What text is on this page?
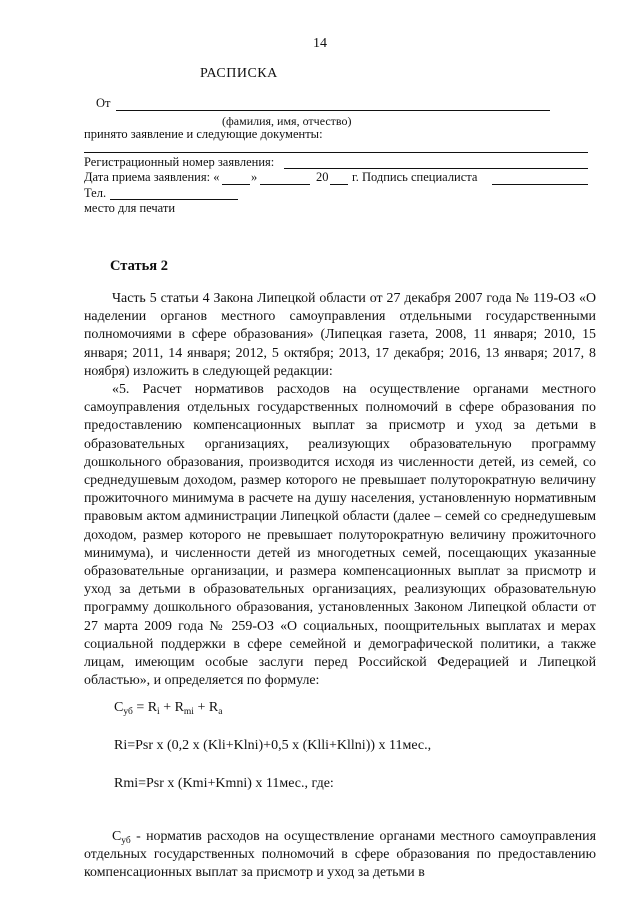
14
РАСПИСКА
От
(фамилия, имя, отчество)
принято заявление и следующие документы:
Регистрационный номер заявления:
Дата приема заявления: «	»	20 г. Подпись специалиста
Тел.
место для печати
Статья 2

Часть 5 статьи 4 Закона Липецкой области от 27 декабря 2007 года № 119-ОЗ «О наделении органов местного самоуправления отдельными государственными полномочиями в сфере образования» (Липецкая газета, 2008, 11 января; 2010, 15 января; 2011, 14 января; 2012, 5 октября; 2013, 17 декабря; 2016, 13 января; 2017, 8 ноября) изложить в следующей редакции:

«5. Расчет нормативов расходов на осуществление органами местного самоуправления отдельных государственных полномочий в сфере образования по предоставлению компенсационных выплат за присмотр и уход за детьми в образовательных организациях, реализующих образовательную программу дошкольного образования, производится исходя из численности детей, из семей, со среднедушевым доходом, размер которого не превышает полуторократную величину прожиточного минимума в расчете на душу населения, установленную нормативным правовым актом администрации Липецкой области (далее – семей со среднедушевым доходом, размер которого не превышает полуторократную величину прожиточного минимума), и численности детей из многодетных семей, посещающих указанные образовательные организации, и размера компенсационных выплат за присмотр и уход за детьми в образовательных организациях, реализующих образовательную программу дошкольного образования, установленных Законом Липецкой области от 27 марта 2009 года № 259-ОЗ «О социальных, поощрительных выплатах и мерах социальной поддержки в сфере семейной и демографической политики, а также лицам, имеющим особые заслуги перед Российской Федерацией и Липецкой областью», и определяется по формуле:

$С_{уб} = R_i + R_{mi} + R_a$
Ri=Psr x (0,2 x (Kli+Klni)+0,5 x (Klli+Kllni)) x 11мес.,
Rmi=Psr x (Kmi+Kmni) x 11мес., где:

$С_{уб}$ - норматив расходов на осуществление органами местного самоуправления отдельных государственных полномочий в сфере образования по предоставлению компенсационных выплат за присмотр и уход за детьми в
